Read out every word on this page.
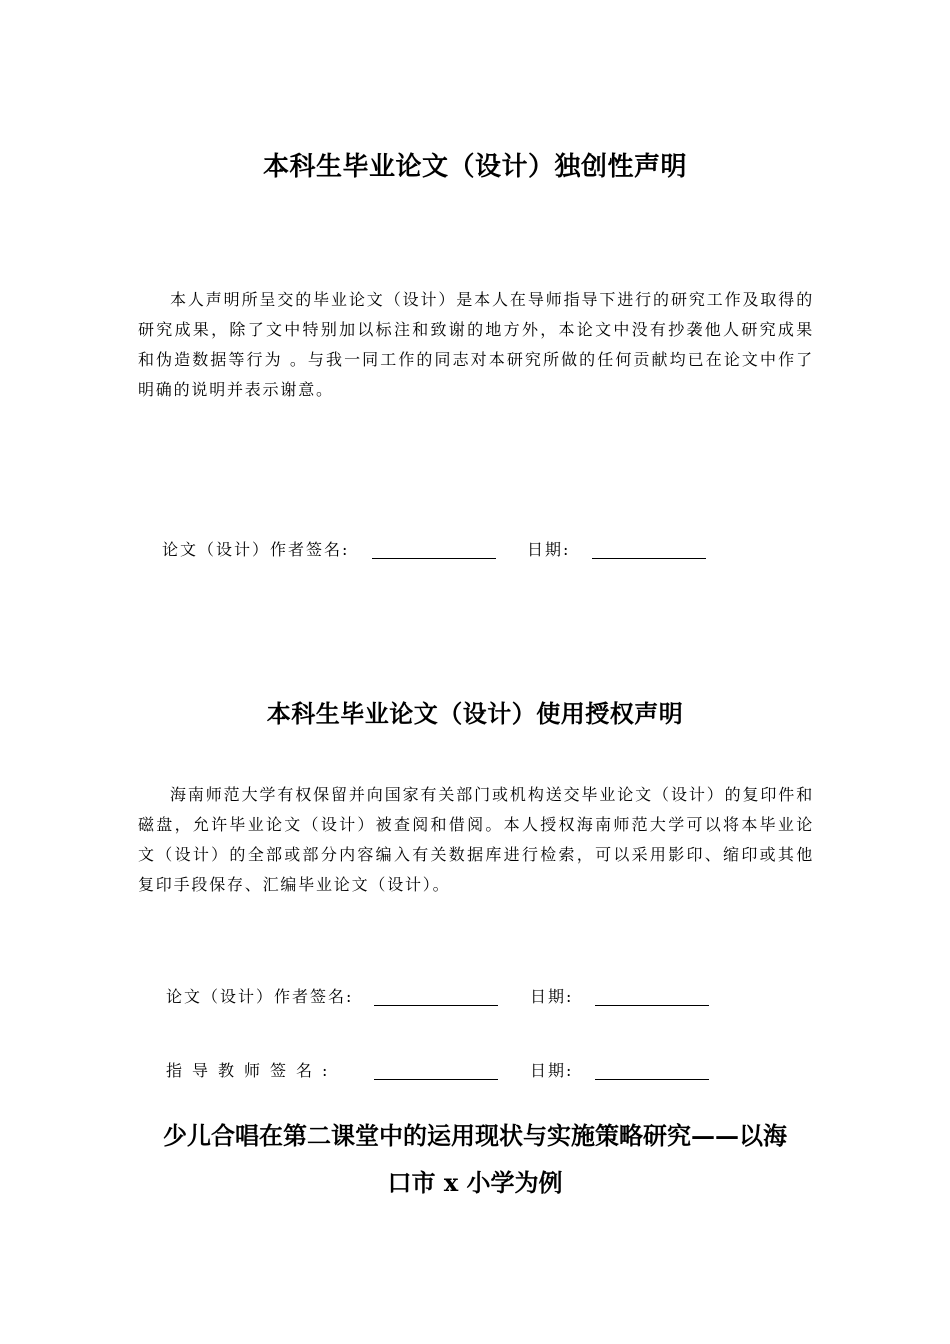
本科生毕业论文（设计）独创性声明

本人声明所呈交的毕业论文（设计）是本人在导师指导下进行的研究工作及取得的研究成果，除了文中特别加以标注和致谢的地方外，本论文中没有抄袭他人研究成果和伪造数据等行为 。与我一同工作的同志对本研究所做的任何贡献均已在论文中作了明确的说明并表示谢意。

论文（设计）作者签名:	日期:
本科生毕业论文（设计）使用授权声明

海南师范大学有权保留并向国家有关部门或机构送交毕业论文（设计）的复印件和磁盘，允许毕业论文（设计）被查阅和借阅。本人授权海南师范大学可以将本毕业论文（设计）的全部或部分内容编入有关数据库进行检索，可以采用影印、缩印或其他复印手段保存、汇编毕业论文（设计）。

论文（设计）作者签名:	日期:
指导教师签名:	日期:
少儿合唱在第二课堂中的运用现状与实施策略研究——以海
口市 x 小学为例
